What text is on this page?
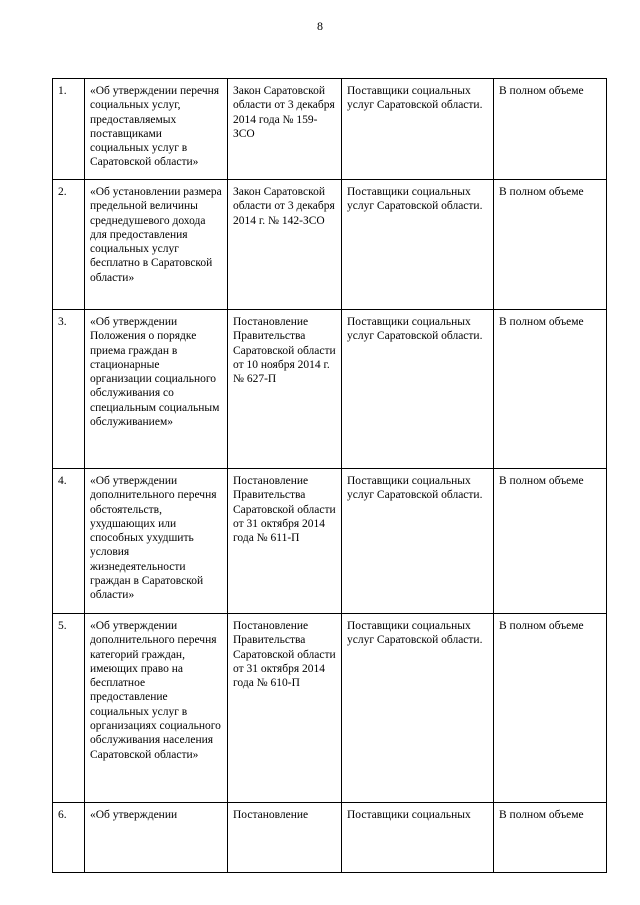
8
1.	«Об утверждении перечня социальных услуг, предоставляемых поставщиками социальных услуг в Саратовской области»	Закон Саратовской области от 3 декабря 2014 года № 159-ЗСО	Поставщики социальных услуг Саратовской области.	В полном объеме
2.	«Об установлении размера предельной величины среднедушевого дохода для предоставления социальных услуг бесплатно в Саратовской области»	Закон Саратовской области от 3 декабря 2014 г. № 142-ЗСО	Поставщики социальных услуг Саратовской области.	В полном объеме
3.	«Об утверждении Положения о порядке приема граждан в стационарные организации социального обслуживания со специальным социальным обслуживанием»	Постановление Правительства Саратовской области от 10 ноября 2014 г. № 627-П	Поставщики социальных услуг Саратовской области.	В полном объеме
4.	«Об утверждении дополнительного перечня обстоятельств, ухудшающих или способных ухудшить условия жизнедеятельности граждан в Саратовской области»	Постановление Правительства Саратовской области от 31 октября 2014 года № 611-П	Поставщики социальных услуг Саратовской области.	В полном объеме
5.	«Об утверждении дополнительного перечня категорий граждан, имеющих право на бесплатное предоставление социальных услуг в организациях социального обслуживания населения Саратовской области»	Постановление Правительства Саратовской области от 31 октября 2014 года № 610-П	Поставщики социальных услуг Саратовской области.	В полном объеме
6.	«Об утверждении	Постановление	Поставщики социальных	В полном объеме
